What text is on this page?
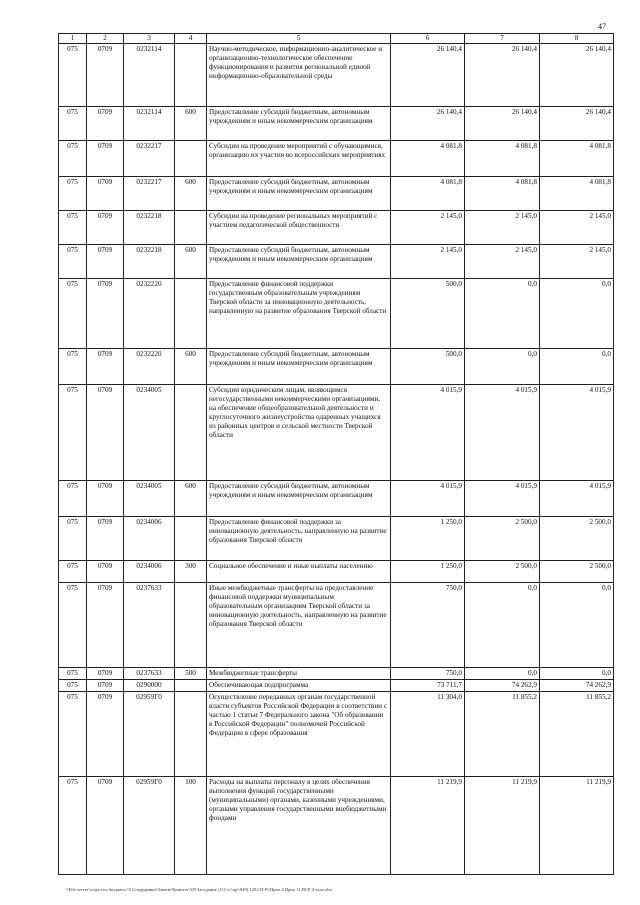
47
1	2	3	4	5	6	7	8
075	0709	0232114		Научно-методическое, информационно-аналитическое и организационно-технологическое обеспечение функционирования и развития региональной единой информационно-образовательной среды	26 140,4	26 140,4	26 140,4
075	0709	0232114	600	Предоставление субсидий бюджетным, автономным учреждениям и иным некоммерческим организациям	26 140,4	26 140,4	26 140,4
075	0709	0232217		Субсидии на проведение мероприятий с обучающимися, организацию их участия во всероссийских мероприятиях	4 081,8	4 081,8	4 081,8
075	0709	0232217	600	Предоставление субсидий бюджетным, автономным учреждениям и иным некоммерческим организациям	4 081,8	4 081,8	4 081,8
075	0709	0232218		Субсидии на проведение региональных мероприятий с участием педагогической общественности	2 145,0	2 145,0	2 145,0
075	0709	0232218	600	Предоставление субсидий бюджетным, автономным учреждениям и иным некоммерческим организациям	2 145,0	2 145,0	2 145,0
075	0709	0232220		Предоставление финансовой поддержки государственным образовательным учреждениям Тверской области за инновационную деятельность, направленную на развитие образования Тверской области	500,0	0,0	0,0
075	0709	0232220	600	Предоставление субсидий бюджетным, автономным учреждениям и иным некоммерческим организациям	500,0	0,0	0,0
075	0709	0234005		Субсидии юридическим лицам, являющимся негосударственными некоммерческими организациями, на обеспечение общеобразовательной деятельности и круглосуточного жизнеустройства одаренных учащихся из районных центров и сельской местности Тверской области	4 015,9	4 015,9	4 015,9
075	0709	0234005	600	Предоставление субсидий бюджетным, автономным учреждениям и иным некоммерческим организациям	4 015,9	4 015,9	4 015,9
075	0709	0234006		Предоставление финансовой поддержки за инновационную деятельность, направленную на развитие образования Тверской области	1 250,0	2 500,0	2 500,0
075	0709	0234006	300	Социальное обеспечение и иные выплаты населению	1 250,0	2 500,0	2 500,0
075	0709	0237633		Иные межбюджетные трансферты на предоставление финансовой поддержки муниципальным образовательным организациям Тверской области за инновационную деятельность, направленную на развитие образования Тверской области	750,0	0,0	0,0
075	0709	0237633	500	Межбюджетные трансферты	750,0	0,0	0,0
075	0709	0290000		Обеспечивающая подпрограмма	73 711,7	74 262,9	74 262,9
075	0709	02959Г0		Осуществление переданных органам государственной власти субъектов Российской Федерации в соответствии с частью 1 статьи 7 Федерального закона "Об образовании в Российской Федерации" полномочий Российской Федерации в сфере образования	11 304,0	11 855,2	11 855,2
075	0709	02959Г0	100	Расходы на выплаты персоналу в целях обеспечения выполнения функций государственными (муниципальными) органами, казенными учреждениями, органами управления государственными внебюджетными фондами	11 219,9	11 219,9	11 219,9
\\File-server\\отдел по бюджету\\5 Сотрудники\\Змеев\\Комитет\\09 Заседание (11)\\с\\пр\\049) 1292-П-9\\Прил 4 Прил 11 ВСР 3 тела.xlsx
